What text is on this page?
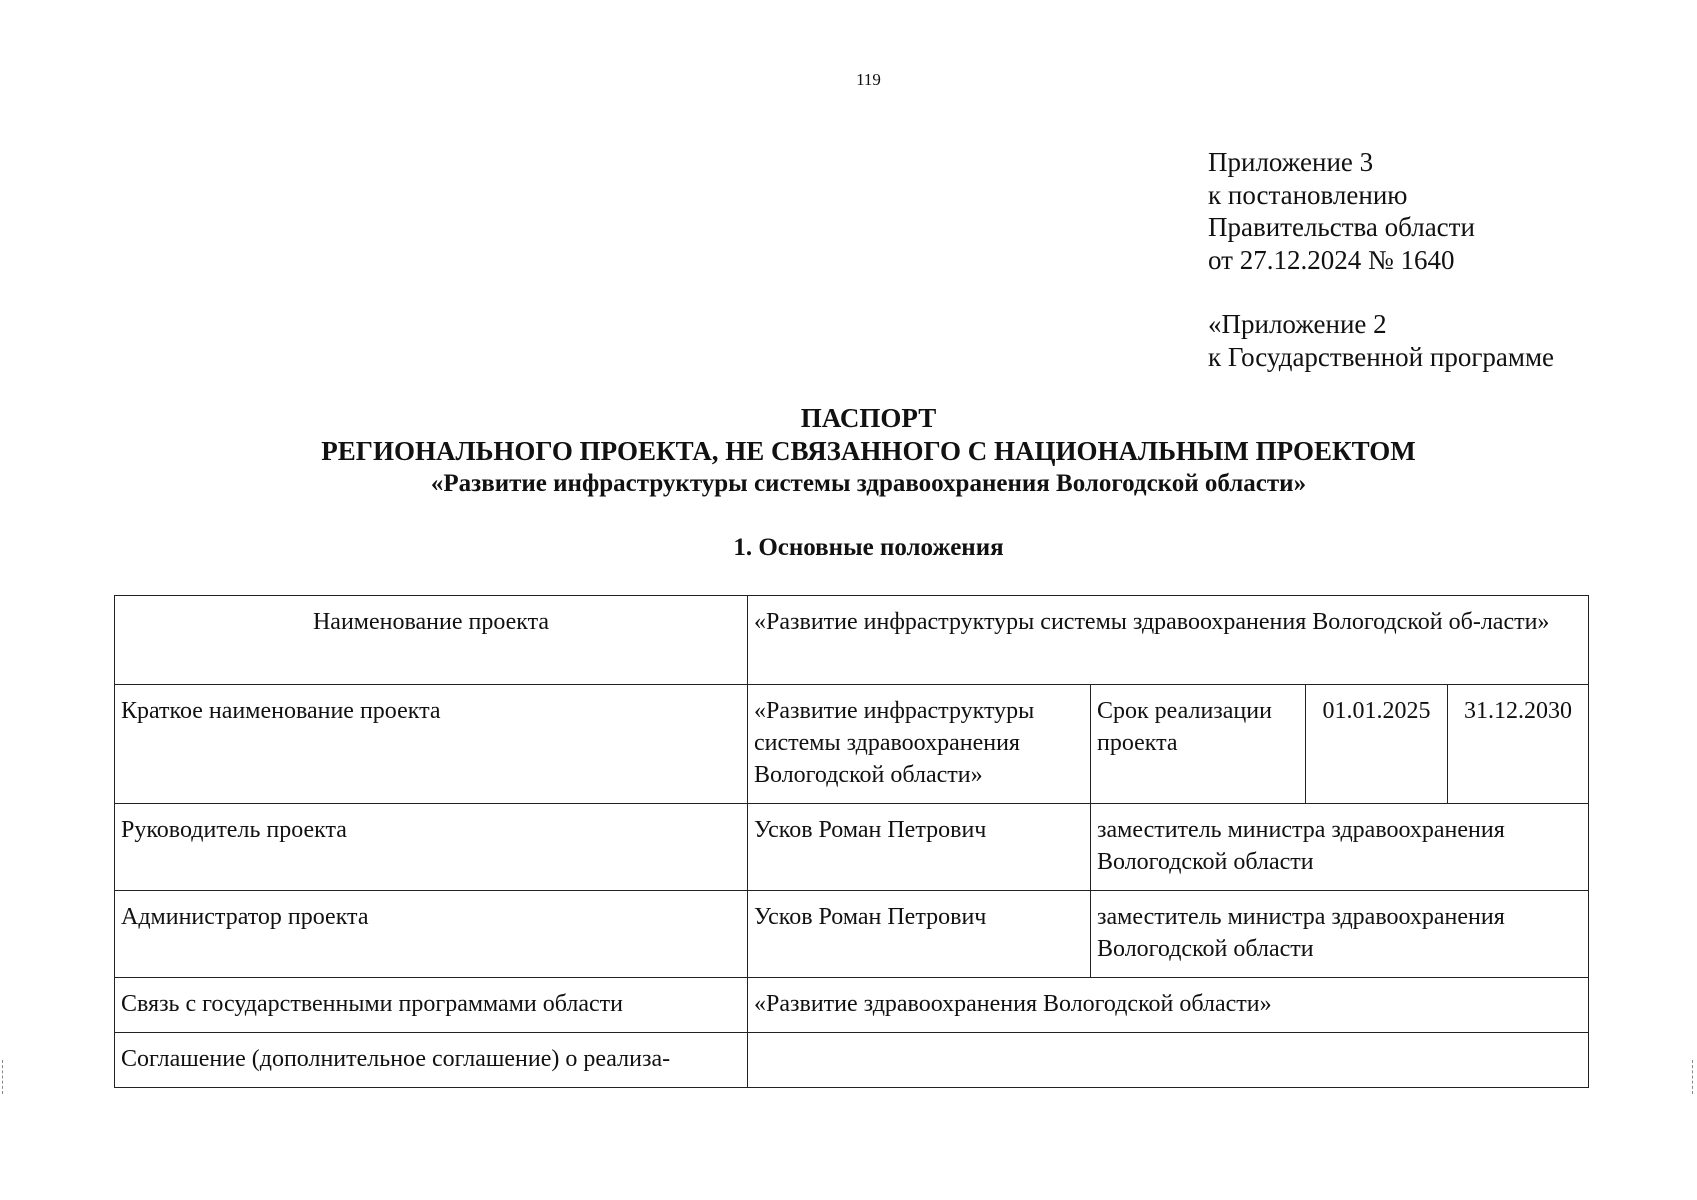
119
Приложение 3
к постановлению
Правительства области
от 27.12.2024 № 1640
«Приложение 2
к Государственной программе
ПАСПОРТ
РЕГИОНАЛЬНОГО ПРОЕКТА, НЕ СВЯЗАННОГО С НАЦИОНАЛЬНЫМ ПРОЕКТОМ
«Развитие инфраструктуры системы здравоохранения Вологодской области»
1. Основные положения
Наименование проекта	«Развитие инфраструктуры системы здравоохранения Вологодской об-ласти»			
Краткое наименование проекта	«Развитие инфраструктуры системы здравоохранения Вологодской области»	Срок реализации проекта	01.01.2025	31.12.2030
Руководитель проекта	Усков Роман Петрович	заместитель министра здравоохранения Вологодской области		
Администратор проекта	Усков Роман Петрович	заместитель министра здравоохранения Вологодской области		
Связь с государственными программами области	«Развитие здравоохранения Вологодской области»			
Соглашение (дополнительное соглашение) о реализа-				
